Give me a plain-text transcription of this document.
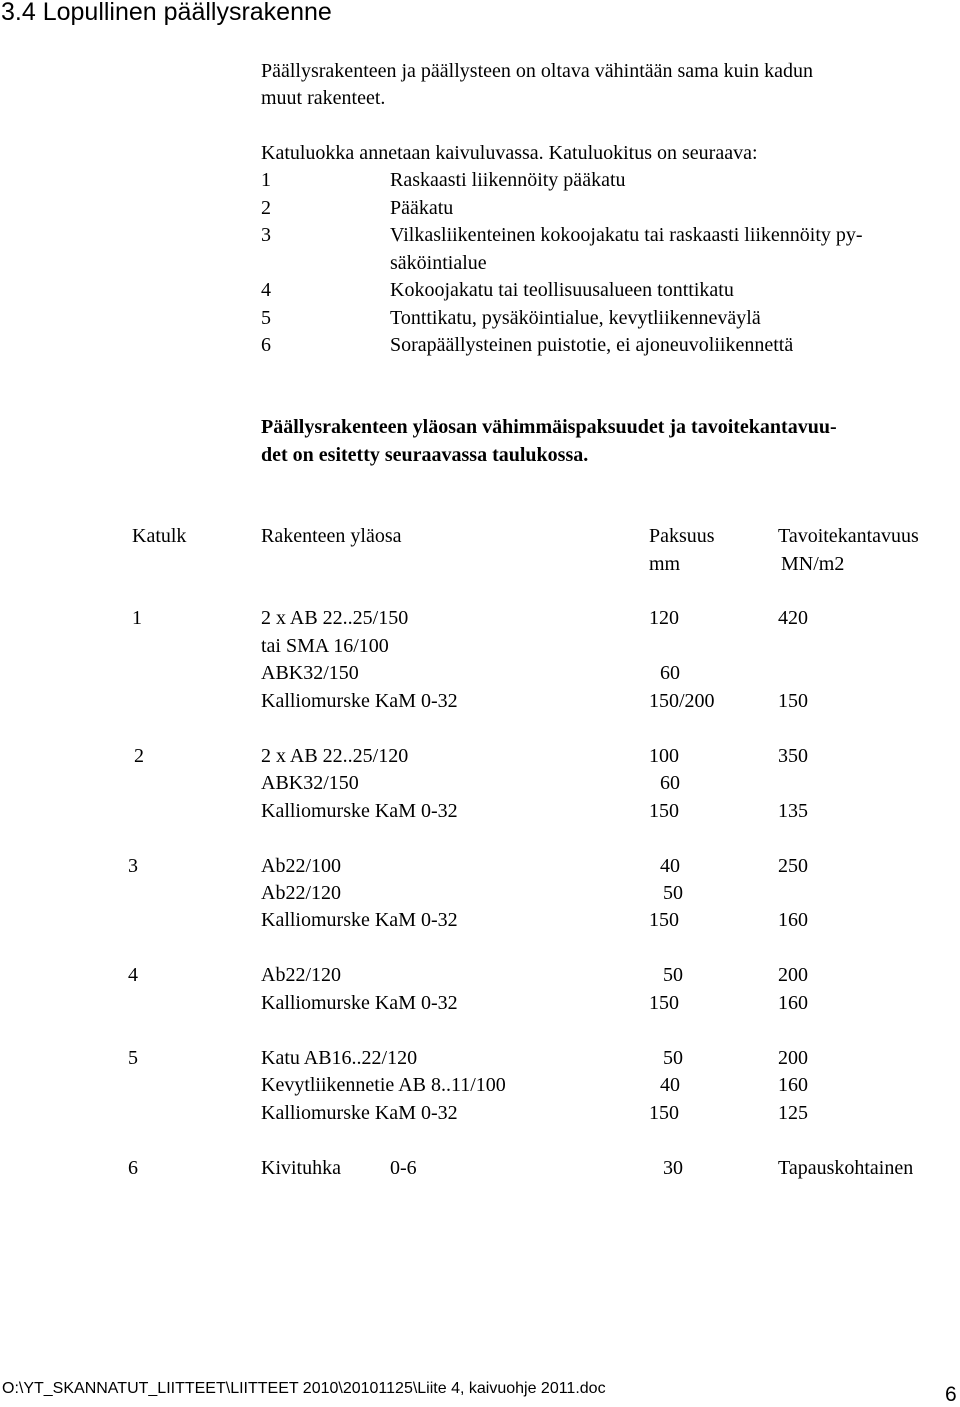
3.4 Lopullinen päällysrakenne
Päällysrakenteen ja päällysteen on oltava vähintään sama kuin kadun
muut rakenteet.
Katuluokka annetaan kaivuluvassa. Katuluokitus on seuraava:
1	Raskaasti liikennöity pääkatu
2	Pääkatu
3	Vilkasliikenteinen kokoojakatu tai raskaasti liikennöity py-
säköintialue
4	Kokoojakatu tai teollisuusalueen tonttikatu
5	Tonttikatu, pysäköintialue, kevytliikenneväylä
6	Sorapäällysteinen puistotie, ei ajoneuvoliikennettä
Päällysrakenteen yläosan vähimmäispaksuudet ja tavoitekantavuu-
det on esitetty seuraavassa taulukossa.
Katulk	Rakenteen yläosa	Paksuus	Tavoitekantavuus
mm	MN/m2
1	2 x AB 22..25/150	120	420
tai SMA 16/100
ABK32/150	60
Kalliomurske KaM 0-32	150/200	150
2	2 x AB 22..25/120	100	350
ABK32/150	60
Kalliomurske KaM 0-32	150	135
3	Ab22/100	40	250
Ab22/120	50
Kalliomurske KaM 0-32	150	160
4	Ab22/120	50	200
Kalliomurske KaM 0-32	150	160
5	Katu AB16..22/120	50	200
Kevytliikennetie AB 8..11/100	40	160
Kalliomurske KaM 0-32	150	125
6	Kivituhka 0-6	30	Tapauskohtainen
O:\YT_SKANNATUT_LIITTEET\LIITTEET 2010\20101125\Liite 4, kaivuohje 2011.doc	6
